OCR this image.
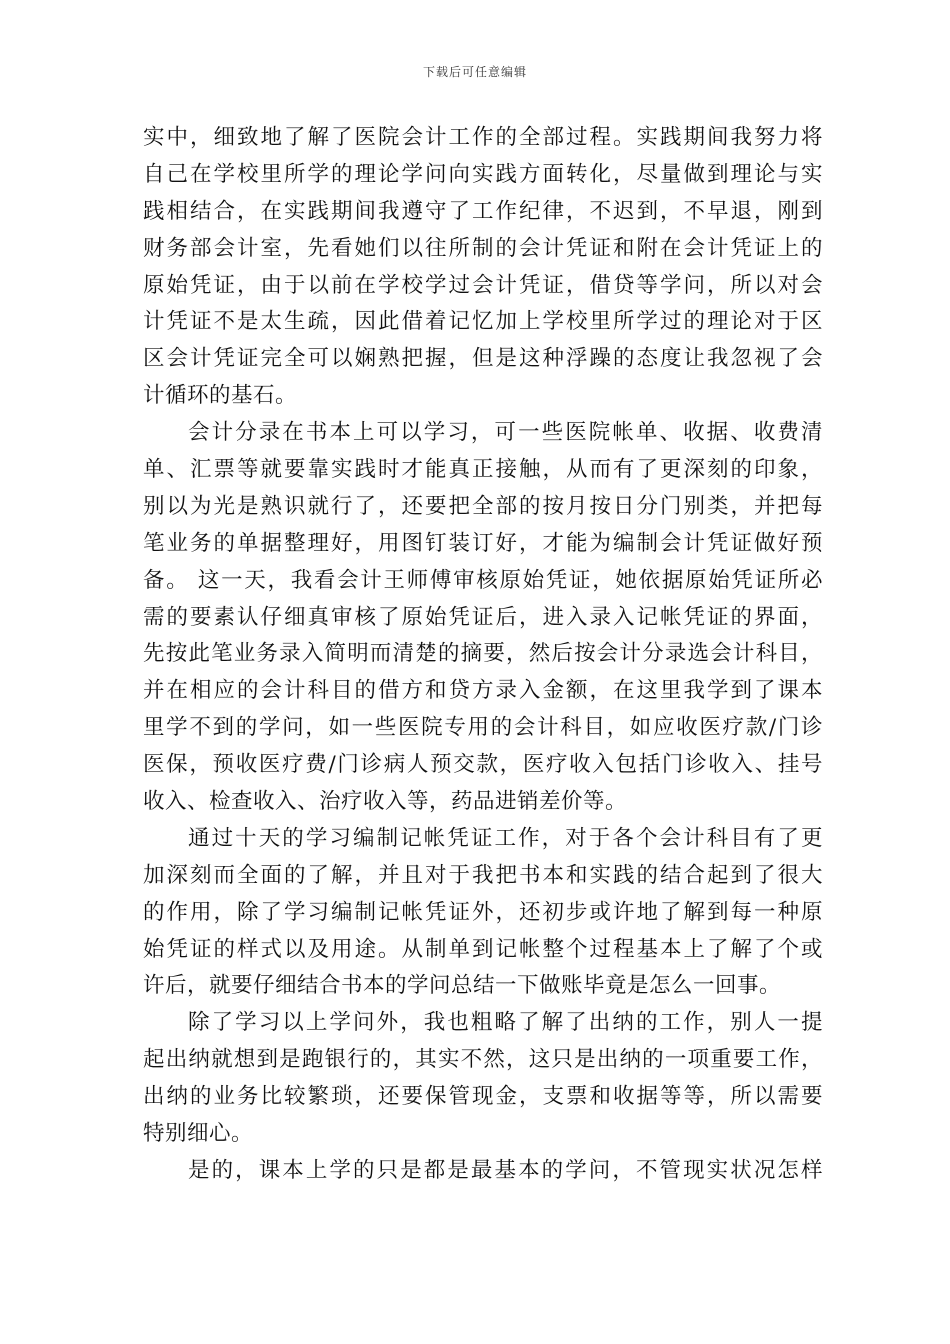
下载后可任意编辑
实中，细致地了解了医院会计工作的全部过程。实践期间我努力将
自己在学校里所学的理论学问向实践方面转化，尽量做到理论与实
践相结合，在实践期间我遵守了工作纪律，不迟到，不早退，刚到
财务部会计室，先看她们以往所制的会计凭证和附在会计凭证上的
原始凭证，由于以前在学校学过会计凭证，借贷等学问，所以对会
计凭证不是太生疏，因此借着记忆加上学校里所学过的理论对于区
区会计凭证完全可以娴熟把握，但是这种浮躁的态度让我忽视了会
计循环的基石。
会计分录在书本上可以学习，可一些医院帐单、收据、收费清
单、汇票等就要靠实践时才能真正接触，从而有了更深刻的印象，
别以为光是熟识就行了，还要把全部的按月按日分门别类，并把每
笔业务的单据整理好，用图钉装订好，才能为编制会计凭证做好预
备。 这一天，我看会计王师傅审核原始凭证，她依据原始凭证所必
需的要素认仔细真审核了原始凭证后，进入录入记帐凭证的界面，
先按此笔业务录入简明而清楚的摘要，然后按会计分录选会计科目，
并在相应的会计科目的借方和贷方录入金额，在这里我学到了课本
里学不到的学问，如一些医院专用的会计科目，如应收医疗款/门诊
医保，预收医疗费/门诊病人预交款，医疗收入包括门诊收入、挂号
收入、检查收入、治疗收入等，药品进销差价等。
通过十天的学习编制记帐凭证工作，对于各个会计科目有了更
加深刻而全面的了解，并且对于我把书本和实践的结合起到了很大
的作用，除了学习编制记帐凭证外，还初步或许地了解到每一种原
始凭证的样式以及用途。从制单到记帐整个过程基本上了解了个或
许后，就要仔细结合书本的学问总结一下做账毕竟是怎么一回事。
除了学习以上学问外，我也粗略了解了出纳的工作，别人一提
起出纳就想到是跑银行的，其实不然，这只是出纳的一项重要工作，
出纳的业务比较繁琐，还要保管现金，支票和收据等等，所以需要
特别细心。
是的，课本上学的只是都是最基本的学问，不管现实状况怎样
